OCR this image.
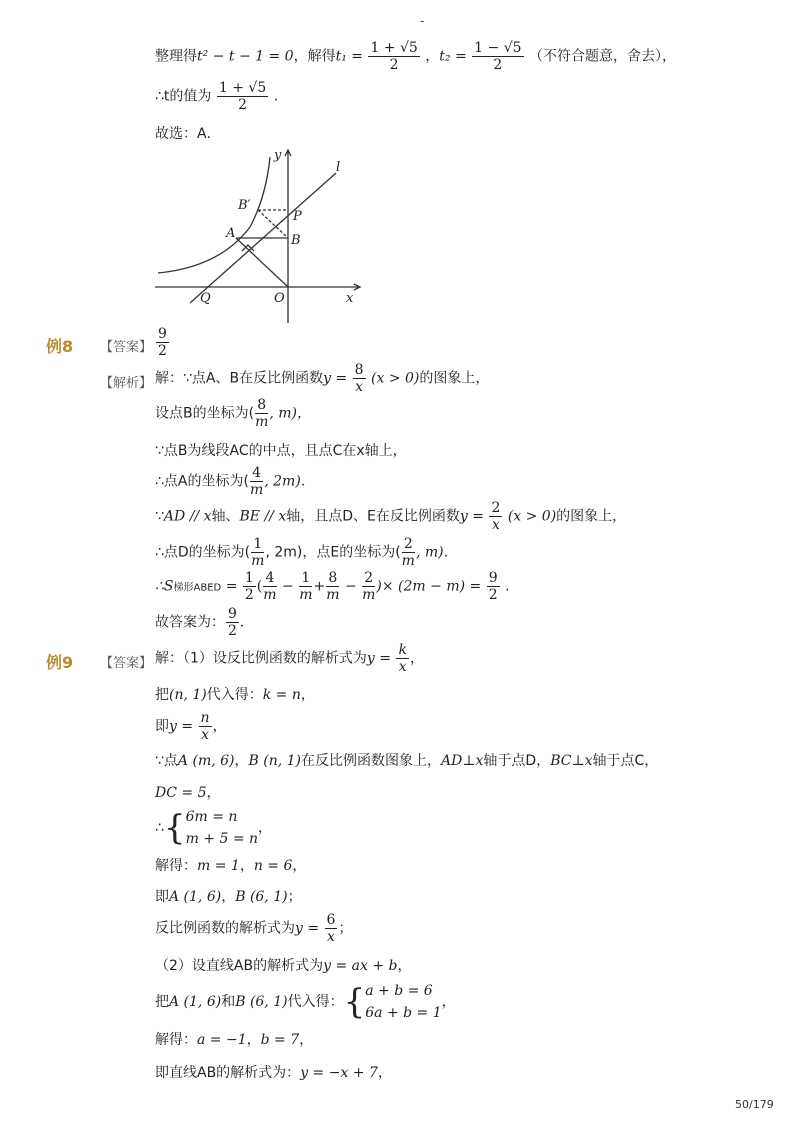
-
整理得t² − t − 1 = 0，解得$t_1 = \frac{1 + √5}{2}$ ，$t_2 = \frac{1 - √5}{2}$ （不符合题意，舍去），
∴t的值为 $\frac{1 + √5}{2}$ .
故选：A．
y
x
l
A	B
B′
P
Q	O
例8 【答案】 $\frac{9}{2}$
【解析】 解：∵点A、B在反比例函数$y = \frac{8}{x} (x > 0)$的图象上，
设点B的坐标为( $\frac{8}{m}$ , m)，
∵点B为线段AC的中点，且点C在x轴上，
∴点A的坐标为( $\frac{4}{m}$ , 2m)．
∵AD // x轴、BE // x轴，且点D、E在反比例函数$y = \frac{2}{x} (x > 0)$的图象上，
∴点D的坐标为( $\frac{1}{m}$ , 2m)，点E的坐标为( $\frac{2}{m}$ , m)．
∴S梯形ABED = $\frac{1}{2}$ ( $\frac{4}{m} - \frac{1}{m} + \frac{8}{m} - \frac{2}{m}$ )× $(2m - m) = \frac{9}{2}$ .
故答案为： $\frac{9}{2}$ ．
例9 【答案】 解：（1）设反比例函数的解析式为$y = \frac{k}{x}$ ，
把(n, 1)代入得：k = n，
即$y = \frac{n}{x}$ ，
∵点A (m, 6)，B (n, 1)在反比例函数图象上，AD⊥x轴于点D，BC⊥x轴于点C，
DC = 5，
∴{ 6m = n
m + 5 = n
，
解得：m = 1，n = 6，
即A (1, 6)，B (6, 1)；
反比例函数的解析式为$y = \frac{6}{x}$ ；
（2）设直线AB的解析式为y = ax + b，
把A (1, 6)和B (6, 1)代入得：{ a + b = 6
6a + b = 1
，
解得：a = −1，b = 7，
即直线AB的解析式为：y = −x + 7，
50/179
